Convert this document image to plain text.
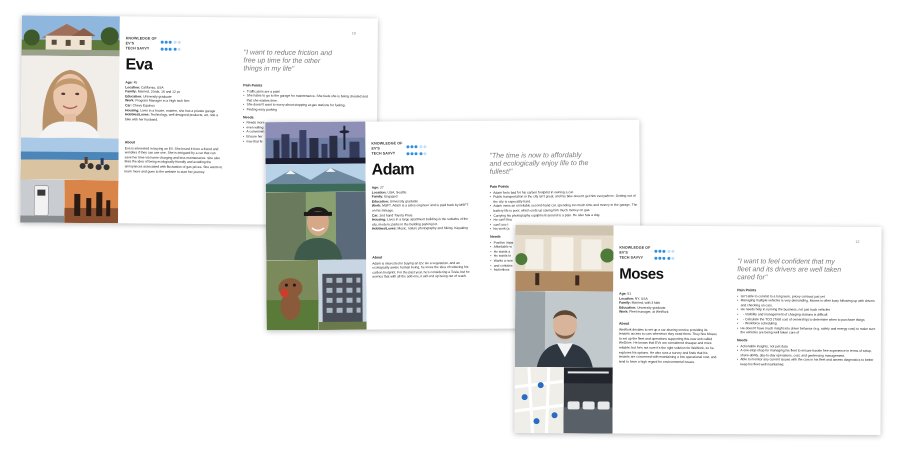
KNOWLEDGE OF EV'S
TECH SAVVY
10
Eva
"I want to reduce friction and free up time for the other things in my life"
Age: 45
Location: California, USA
Family: Married, 3 kids, 16 and 12 yo
Education: University graduate
Work: Program Manager in a High tech firm
Car: Chevy Equinox
Housing: Lives in a house, modern, she has a private garage
Hobbies/Loves: Technology, well designed products, art, ride a bike with her husband.
About
Eva is interested in buying an EV. She heard it from a friend and wonders if they can use one. She is intrigued by a car that can save her time via home charging and less maintenance. She also likes the idea of being ecologically friendly and avoiding the annoyances associated with fluctuation of gas prices. She wants to learn more and goes to the website to start her journey.
Pain Points
• Traffic jams are a pain!
• She hates to go to the garage for maintenance. She feels she is being cheated and that she wastes time.
• She doesn't want to worry about stopping at gas stations for fueling.
• Finding easy parking
Needs
• Needs more
• even willing
• A convenien
• Ensure her
• now that fe
KNOWLEDGE OF EV'S
TECH SAVVY
Adam
"The time is now to affordably and ecologically enjoy life to the fullest!"
Age: 27
Location: USA, Seattle
Family: Engaged
Education: University graduate
Work: MSFT. Adam is a sales engineer and is paid back by MSFT on his mileage.
Car: 2nd hand Toyota Prius.
Housing: Lives in a large apartment building in the suburbs of the city, modern; parks in the building parking lot.
Hobbies/Loves: Music, nature photography and hiking. Kayaking
About
Adam is interested in buying an EV. As a vegetarian, and an ecologically aware human being, he loves the idea of reducing his carbon footprint. For the past year, he's considering a Tesla, but he worries that with all the add-ons, it will end up being out of reach.
Pain Points
• Adam feels bad for his carbon footprint in owning a car.
• Public transportation in the city isn't great, and his bike doesn't get him everywhere. Getting out of the city is especially hard.
• Adam owns an unreliable second-hand car, spending too much time and money in the garage. The battery life is poor, which ends up saving him much money on gas.
• Carrying his photography equipment around is a pain. He also has a dog.
• He can't fina
• can't use t
• his work (a
Needs
• Positive impa
• Affordable w
• He wants a
• He wants to
• Wants a new
• and containe
• frictionless
KNOWLEDGE OF EV'S
TECH SAVVY
12
Moses
"I want to feel confident that my fleet and its drivers are well taken cared for"
Age: 51
Location: NY, USA
Family: Married, with 3 kids
Education: University graduate
Work: Fleet manager, at WeWork
About
WeWork decides to set up a car-sharing service providing its tenants access to cars whenever they need them. They hire Moses to set up the fleet and operations supporting this new unit called WeDrive. He knows that EVs are considered cheaper and more reliable, but he's not sure it's the right solution for WeWork, so he explores his options. He also runs a survey and finds that his tenants are concerned with maintaining a low operational cost, and tend to have a high regard for environmental issues.
Pain Points
• Isn't able to commit to a long term, pricey contract just yet
• Managing multiple vehicles is very demanding. Moses is often busy following up with drivers and checking on cars.
• He needs help in running the business, not just track vehicles
• - Visibility and management of charging stations is difficult
• - Calculate the TCO (Total cost of ownership) to determine when to purchase things
• - Workforce scheduling
• He doesn't have much insight into driver behavior (e.g. safety and energy cost) to make sure the vehicles are being well taken care of
Needs
• Actionable insights, not just data
• A one-stop-shop for managing his fleet to ensure hassle free experience in terms of setup, share-ability, day-to-day operations, cost, and geofencing management.
• Able to monitor any current issues with the cars in his fleet and assess diagnostics to better keep his fleet well maintained.
